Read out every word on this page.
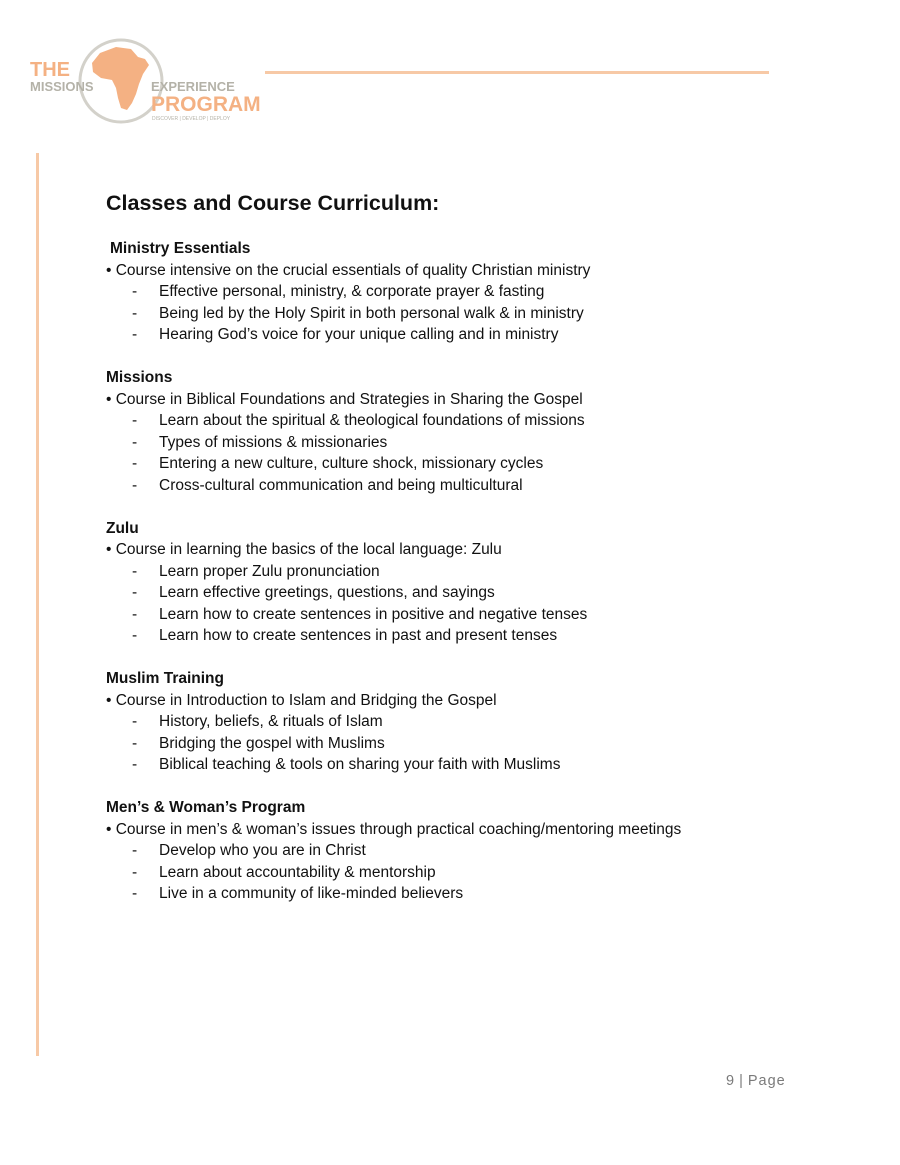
THE
MISSIONS	EXPERIENCE
PROGRAM
DISCOVER | DEVELOP | DEPLOY
Classes and Course Curriculum:
Ministry Essentials
• Course intensive on the crucial essentials of quality Christian ministry
- Effective personal, ministry, & corporate prayer & fasting
- Being led by the Holy Spirit in both personal walk & in ministry
- Hearing God’s voice for your unique calling and in ministry
Missions
• Course in Biblical Foundations and Strategies in Sharing the Gospel
- Learn about the spiritual & theological foundations of missions
- Types of missions & missionaries
- Entering a new culture, culture shock, missionary cycles
- Cross-cultural communication and being multicultural
Zulu
• Course in learning the basics of the local language: Zulu
- Learn proper Zulu pronunciation
- Learn effective greetings, questions, and sayings
- Learn how to create sentences in positive and negative tenses
- Learn how to create sentences in past and present tenses
Muslim Training
• Course in Introduction to Islam and Bridging the Gospel
- History, beliefs, & rituals of Islam
- Bridging the gospel with Muslims
- Biblical teaching & tools on sharing your faith with Muslims
Men’s & Woman’s Program
• Course in men’s & woman’s issues through practical coaching/mentoring meetings
- Develop who you are in Christ
- Learn about accountability & mentorship
- Live in a community of like-minded believers
9 | Page
